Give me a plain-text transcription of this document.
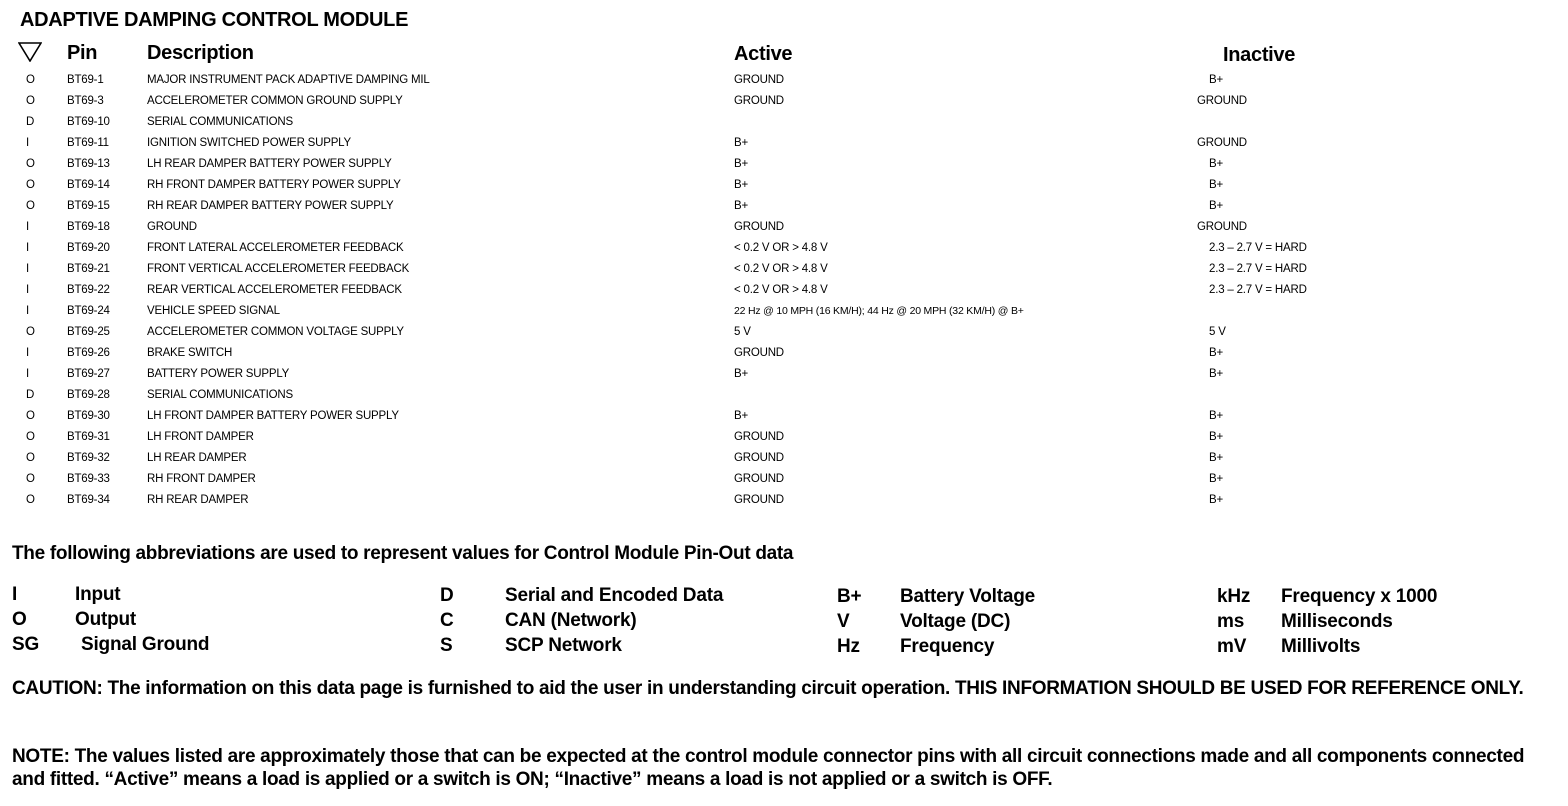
ADAPTIVE DAMPING CONTROL MODULE
Pin Description	Active	Inactive
O	BT69-1	MAJOR INSTRUMENT PACK ADAPTIVE DAMPING MIL	GROUND	B+
O	BT69-3	ACCELEROMETER COMMON GROUND SUPPLY	GROUND	GROUND
D	BT69-10	SERIAL COMMUNICATIONS
I	BT69-11	IGNITION SWITCHED POWER SUPPLY	B+	GROUND
O	BT69-13	LH REAR DAMPER BATTERY POWER SUPPLY	B+	B+
O	BT69-14	RH FRONT DAMPER BATTERY POWER SUPPLY	B+	B+
O	BT69-15	RH REAR DAMPER BATTERY POWER SUPPLY	B+	B+
I	BT69-18	GROUND	GROUND	GROUND
I	BT69-20	FRONT LATERAL ACCELEROMETER FEEDBACK	< 0.2 V OR > 4.8 V	2.3 – 2.7 V = HARD
I	BT69-21	FRONT VERTICAL ACCELEROMETER FEEDBACK	< 0.2 V OR > 4.8 V	2.3 – 2.7 V = HARD
I	BT69-22	REAR VERTICAL ACCELEROMETER FEEDBACK	< 0.2 V OR > 4.8 V	2.3 – 2.7 V = HARD
I	BT69-24	VEHICLE SPEED SIGNAL	22 Hz @ 10 MPH (16 KM/H); 44 Hz @ 20 MPH (32 KM/H) @ B+
O	BT69-25	ACCELEROMETER COMMON VOLTAGE SUPPLY	5 V	5 V
I	BT69-26	BRAKE SWITCH	GROUND	B+
I	BT69-27	BATTERY POWER SUPPLY	B+	B+
D	BT69-28	SERIAL COMMUNICATIONS
O	BT69-30	LH FRONT DAMPER BATTERY POWER SUPPLY	B+	B+
O	BT69-31	LH FRONT DAMPER	GROUND	B+
O	BT69-32	LH REAR DAMPER	GROUND	B+
O	BT69-33	RH FRONT DAMPER	GROUND	B+
O	BT69-34	RH REAR DAMPER	GROUND	B+
The following abbreviations are used to represent values for Control Module Pin-Out data
I	Input
O	Output
SG Signal Ground
D	Serial and Encoded Data
C	CAN (Network)
S	SCP Network
B+ Battery Voltage
V	Voltage (DC)
Hz Frequency
kHz Frequency x 1000
ms Milliseconds
mV Millivolts
CAUTION: The information on this data page is furnished to aid the user in understanding circuit operation. THIS INFORMATION SHOULD BE USED FOR REFERENCE ONLY.
NOTE: The values listed are approximately those that can be expected at the control module connector pins with all circuit connections made and all components connected and fitted. “Active” means a load is applied or a switch is ON; “Inactive” means a load is not applied or a switch is OFF.
